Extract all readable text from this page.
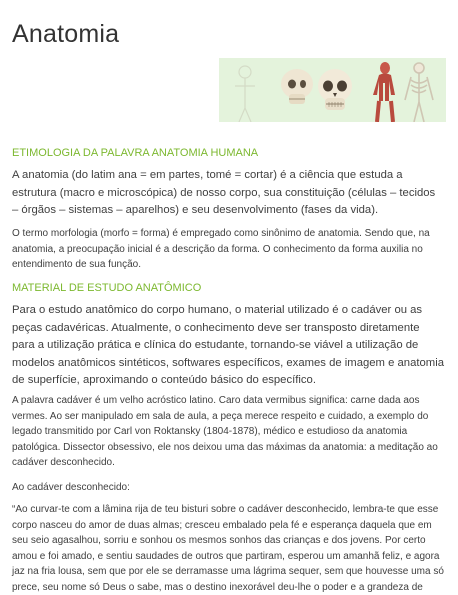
Anatomia
ETIMOLOGIA DA PALAVRA ANATOMIA HUMANA

A anatomia (do latim ana = em partes, tomé = cortar) é a ciência que estuda a estrutura (macro e microscópica) de nosso corpo, sua constituição (células – tecidos – órgãos – sistemas – aparelhos) e seu desenvolvimento (fases da vida).

O termo morfologia (morfo = forma) é empregado como sinônimo de anatomia. Sendo que, na anatomia, a preocupação inicial é a descrição da forma. O conhecimento da forma auxilia no entendimento de sua função.

MATERIAL DE ESTUDO ANATÔMICO

Para o estudo anatômico do corpo humano, o material utilizado é o cadáver ou as peças cadavéricas. Atualmente, o conhecimento deve ser transposto diretamente para a utilização prática e clínica do estudante, tornando-se viável a utilização de modelos anatômicos sintéticos, softwares específicos, exames de imagem e anatomia de superfície, aproximando o conteúdo básico do específico.

A palavra cadáver é um velho acróstico latino. Caro data vermibus significa: carne dada aos vermes. Ao ser manipulado em sala de aula, a peça merece respeito e cuidado, a exemplo do legado transmitido por Carl von Roktansky (1804-1878), médico e estudioso da anatomia patológica. Dissector obsessivo, ele nos deixou uma das máximas da anatomia: a meditação ao cadáver desconhecido.

Ao cadáver desconhecido:

“Ao curvar-te com a lâmina rija de teu bisturi sobre o cadáver desconhecido, lembra-te que esse corpo nasceu do amor de duas almas; cresceu embalado pela fé e esperança daquela que em seu seio agasalhou, sorriu e sonhou os mesmos sonhos das crianças e dos jovens. Por certo amou e foi amado, e sentiu saudades de outros que partiram, esperou um amanhã feliz, e agora jaz na fria lousa, sem que por ele se derramasse uma lágrima sequer, sem que houvesse uma só prece, seu nome só Deus o sabe, mas o destino inexorável deu-lhe o poder e a grandeza de
